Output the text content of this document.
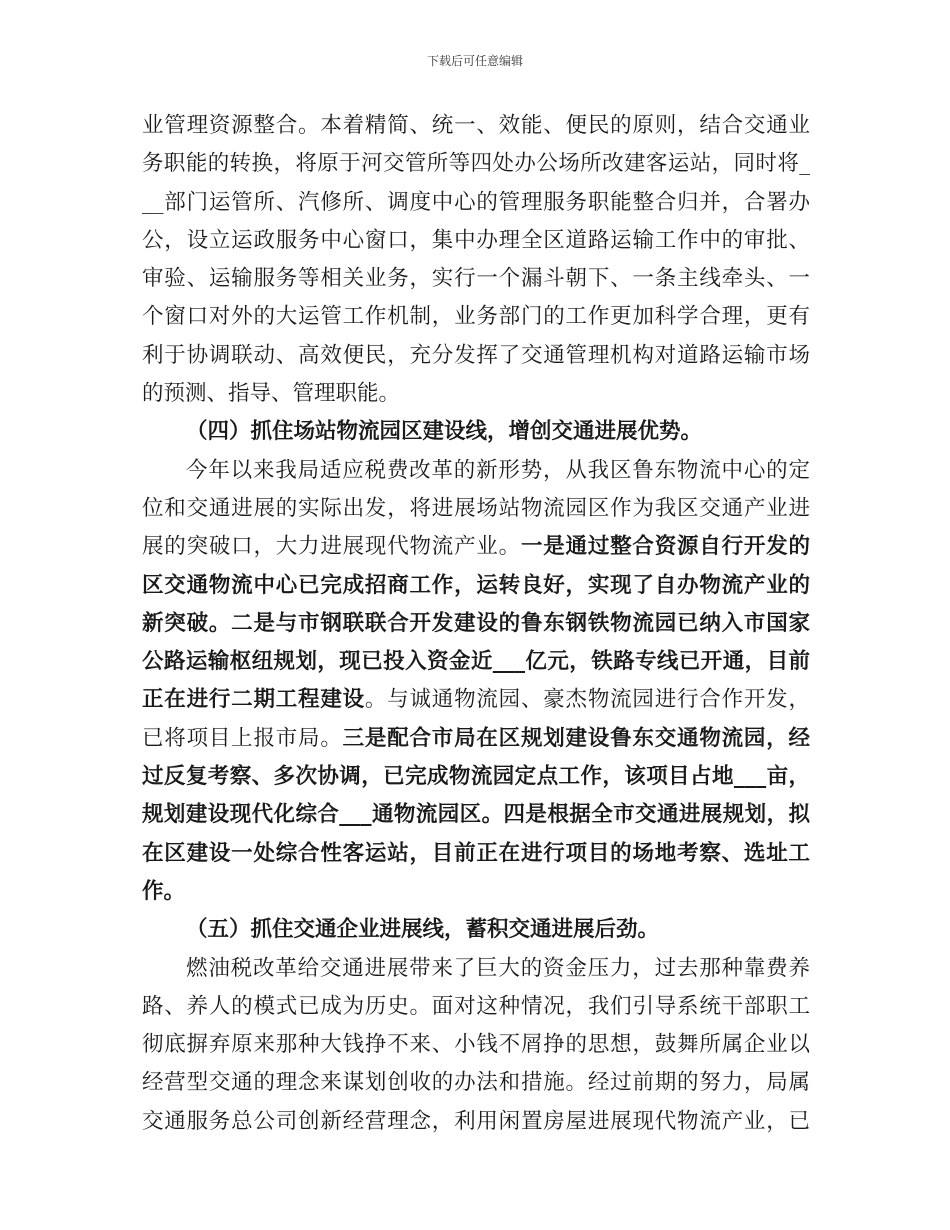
下载后可任意编辑
业管理资源整合。本着精简、统一、效能、便民的原则，结合交通业
务职能的转换，将原于河交管所等四处办公场所改建客运站，同时将_
__部门运管所、汽修所、调度中心的管理服务职能整合归并，合署办
公，设立运政服务中心窗口，集中办理全区道路运输工作中的审批、
审验、运输服务等相关业务，实行一个漏斗朝下、一条主线牵头、一
个窗口对外的大运管工作机制，业务部门的工作更加科学合理，更有
利于协调联动、高效便民，充分发挥了交通管理机构对道路运输市场
的预测、指导、管理职能。
（四）抓住场站物流园区建设线，增创交通进展优势。
今年以来我局适应税费改革的新形势，从我区鲁东物流中心的定
位和交通进展的实际出发，将进展场站物流园区作为我区交通产业进
展的突破口，大力进展现代物流产业。一是通过整合资源自行开发的
区交通物流中心已完成招商工作，运转良好，实现了自办物流产业的
新突破。二是与市钢联联合开发建设的鲁东钢铁物流园已纳入市国家
公路运输枢纽规划，现已投入资金近___亿元，铁路专线已开通，目前
正在进行二期工程建设。与诚通物流园、豪杰物流园进行合作开发，
已将项目上报市局。三是配合市局在区规划建设鲁东交通物流园，经
过反复考察、多次协调，已完成物流园定点工作，该项目占地___亩，
规划建设现代化综合___通物流园区。四是根据全市交通进展规划，拟
在区建设一处综合性客运站，目前正在进行项目的场地考察、选址工
作。
（五）抓住交通企业进展线，蓄积交通进展后劲。
燃油税改革给交通进展带来了巨大的资金压力，过去那种靠费养
路、养人的模式已成为历史。面对这种情况，我们引导系统干部职工
彻底摒弃原来那种大钱挣不来、小钱不屑挣的思想，鼓舞所属企业以
经营型交通的理念来谋划创收的办法和措施。经过前期的努力，局属
交通服务总公司创新经营理念，利用闲置房屋进展现代物流产业，已
